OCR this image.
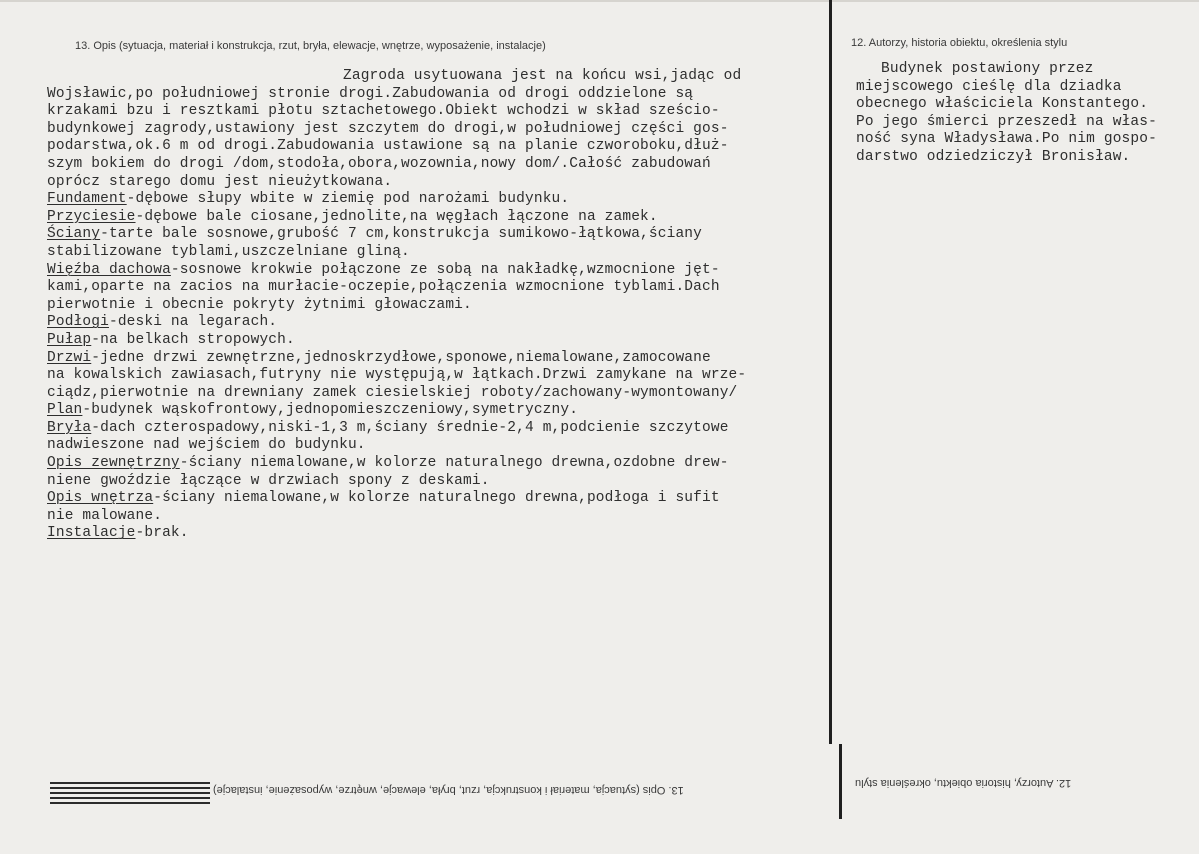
13. Opis (sytuacja, materiał i konstrukcja, rzut, bryła, elewacje, wnętrze, wyposażenie, instalacje)	12. Autorzy, historia obiektu, określenia stylu
Zagroda usytuowana jest na końcu wsi,jadąc od
Wojsławic,po południowej stronie drogi.Zabudowania od drogi oddzielone są
krzakami bzu i resztkami płotu sztachetowego.Obiekt wchodzi w skład sześcio-
budynkowej zagrody,ustawiony jest szczytem do drogi,w południowej części gos-
podarstwa,ok.6 m od drogi.Zabudowania ustawione są na planie czworoboku,dłuż-
szym bokiem do drogi /dom,stodoła,obora,wozownia,nowy dom/.Całość zabudowań
oprócz starego domu jest nieużytkowana.
Fundament-dębowe słupy wbite w ziemię pod narożami budynku.
Przyciesie-dębowe bale ciosane,jednolite,na węgłach łączone na zamek.
Ściany-tarte bale sosnowe,grubość 7 cm,konstrukcja sumikowo-łątkowa,ściany
stabilizowane tyblami,uszczelniane gliną.
Więźba dachowa-sosnowe krokwie połączone ze sobą na nakładkę,wzmocnione jęt-
kami,oparte na zacios na murłacie-oczepie,połączenia wzmocnione tyblami.Dach
pierwotnie i obecnie pokryty żytnimi głowaczami.
Podłogi-deski na legarach.
Pułap-na belkach stropowych.
Drzwi-jedne drzwi zewnętrzne,jednoskrzydłowe,sponowe,niemalowane,zamocowane
na kowalskich zawiasach,futryny nie występują,w łątkach.Drzwi zamykane na wrze-
ciądz,pierwotnie na drewniany zamek ciesielskiej roboty/zachowany-wymontowany/
Plan-budynek wąskofrontowy,jednopomieszczeniowy,symetryczny.
Bryła-dach czterospadowy,niski-1,3 m,ściany średnie-2,4 m,podcienie szczytowe
nadwieszone nad wejściem do budynku.
Opis zewnętrzny-ściany niemalowane,w kolorze naturalnego drewna,ozdobne drew-
niene gwoździe łączące w drzwiach spony z deskami.
Opis wnętrza-ściany niemalowane,w kolorze naturalnego drewna,podłoga i sufit
nie malowane.
Instalacje-brak.
Budynek postawiony przez
miejscowego cieślę dla dziadka
obecnego właściciela Konstantego.
Po jego śmierci przeszedł na włas-
ność syna Władysława.Po nim gospo-
darstwo odziedziczył Bronisław.
13. Opis (sytuacja, materiał i konstrukcja, rzut, bryła, elewacje, wnętrze, wyposażenie, instalacje)
12. Autorzy, historia obiektu, określenia stylu
